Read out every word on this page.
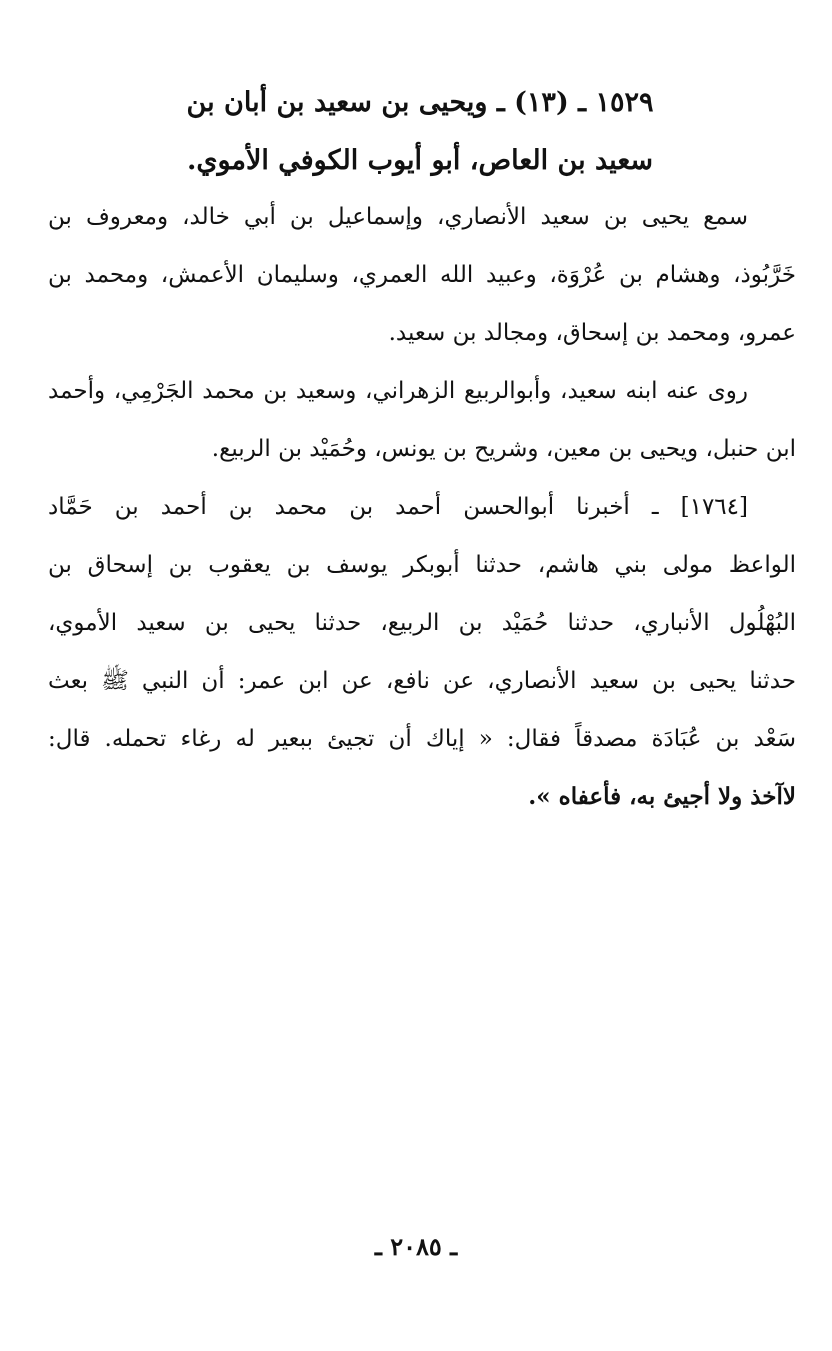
١٥٢٩ ـ (١٣) ـ ويحيى بن سعيد بن أبان بن
سعيد بن العاص، أبو أيوب الكوفي الأموي.

سمع يحيى بن سعيد الأنصاري، وإسماعيل بن أبي خالد، ومعروف بن
خَرَّبُوذ، وهشام بن عُرْوَة، وعبيد الله العمري، وسليمان الأعمش، ومحمد بن
عمرو، ومحمد بن إسحاق، ومجالد بن سعيد.

روى عنه ابنه سعيد، وأبوالربيع الزهراني، وسعيد بن محمد الجَرْمِي، وأحمد
ابن حنبل، ويحيى بن معين، وشريح بن يونس، وحُمَيْد بن الربيع.

[١٧٦٤] ـ أخبرنا أبوالحسن أحمد بن محمد بن أحمد بن حَمَّاد
الواعظ مولى بني هاشم، حدثنا أبوبكر يوسف بن يعقوب بن إسحاق بن
البُهْلُول الأنباري، حدثنا حُمَيْد بن الربيع، حدثنا يحيى بن سعيد الأموي،
حدثنا يحيى بن سعيد الأنصاري، عن نافع، عن ابن عمر: أن النبي ﷺ بعث
سَعْد بن عُبَادَة مصدقاً فقال: « إياك أن تجيئ ببعير له رغاء تحمله. قال:
لاآخذ ولا أجيئ به، فأعفاه ».

ـ ٢٠٨٥ ـ
